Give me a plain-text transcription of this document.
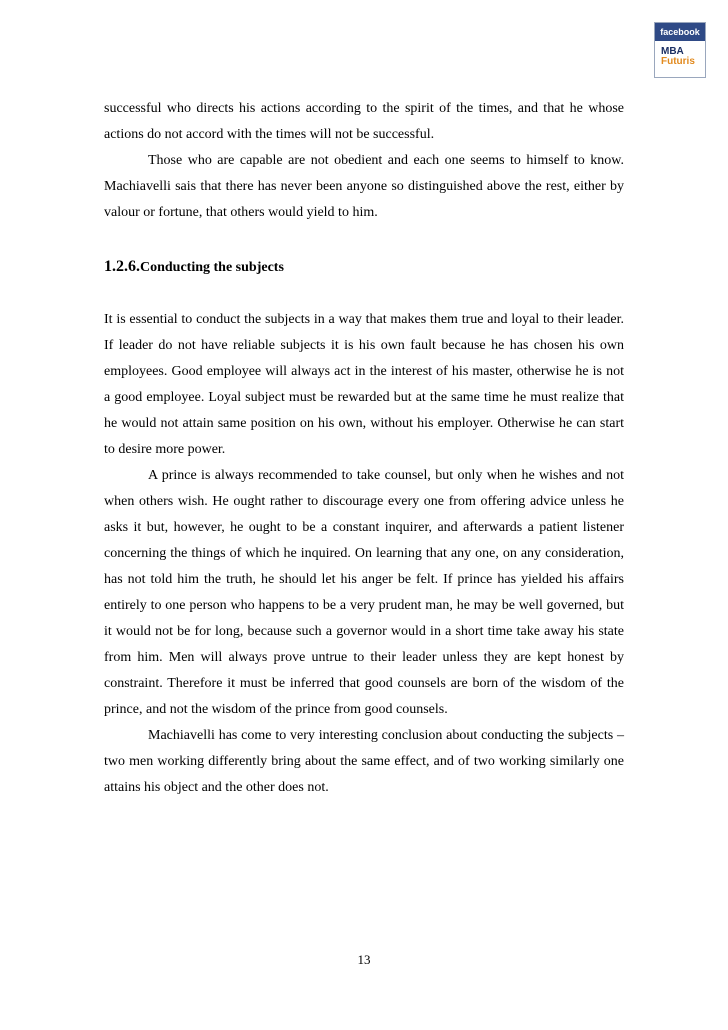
facebook
MBA
Futuris

successful who directs his actions according to the spirit of the times, and that he whose actions do not accord with the times will not be successful.

Those who are capable are not obedient and each one seems to himself to know. Machiavelli sais that there has never been anyone so distinguished above the rest, either by valour or fortune, that others would yield to him.

1.2.6.Conducting the subjects

It is essential to conduct the subjects in a way that makes them true and loyal to their leader. If leader do not have reliable subjects it is his own fault because he has chosen his own employees. Good employee will always act in the interest of his master, otherwise he is not a good employee. Loyal subject must be rewarded but at the same time he must realize that he would not attain same position on his own, without his employer. Otherwise he can start to desire more power.

A prince is always recommended to take counsel, but only when he wishes and not when others wish. He ought rather to discourage every one from offering advice unless he asks it but, however, he ought to be a constant inquirer, and afterwards a patient listener concerning the things of which he inquired. On learning that any one, on any consideration, has not told him the truth, he should let his anger be felt. If prince has yielded his affairs entirely to one person who happens to be a very prudent man, he may be well governed, but it would not be for long, because such a governor would in a short time take away his state from him. Men will always prove untrue to their leader unless they are kept honest by constraint. Therefore it must be inferred that good counsels are born of the wisdom of the prince, and not the wisdom of the prince from good counsels.

Machiavelli has come to very interesting conclusion about conducting the subjects – two men working differently bring about the same effect, and of two working similarly one attains his object and the other does not.

13
